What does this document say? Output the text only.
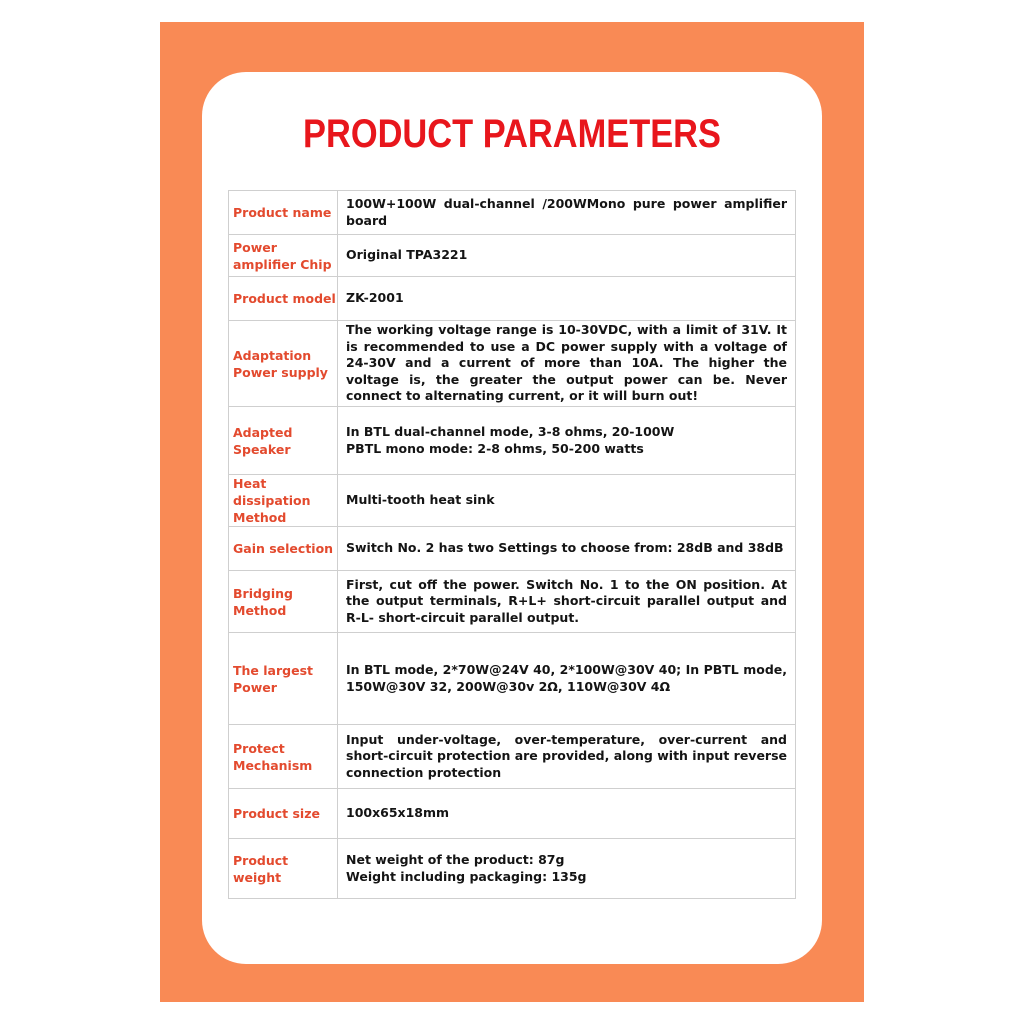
PRODUCT PARAMETERS
Product name	100W+100W dual-channel /200WMono pure power amplifier board

Power amplifier Chip	Original TPA3221

Product model	ZK-2001

Adaptation Power supply	The working voltage range is 10-30VDC, with a limit of 31V. It is recommended to use a DC power supply with a voltage of 24-30V and a current of more than 10A. The higher the voltage is, the greater the output power can be. Never connect to alternating current, or it will burn out!

Adapted Speaker	In BTL dual-channel mode, 3-8 ohms, 20-100W
PBTL mono mode: 2-8 ohms, 50-200 watts

Heat dissipation Method	Multi-tooth heat sink

Gain selection	Switch No. 2 has two Settings to choose from: 28dB and 38dB

Bridging Method	First, cut off the power. Switch No. 1 to the ON position. At the output terminals, R+L+ short-circuit parallel output and R-L- short-circuit parallel output.

The largest Power	In BTL mode, 2*70W@24V 40, 2*100W@30V 40; In PBTL mode, 150W@30V 32, 200W@30v 2Ω, 110W@30V 4Ω

Protect Mechanism	Input under-voltage, over-temperature, over-current and short-circuit protection are provided, along with input reverse connection protection

Product size	100x65x18mm

Product weight	Net weight of the product: 87g
Weight including packaging: 135g
